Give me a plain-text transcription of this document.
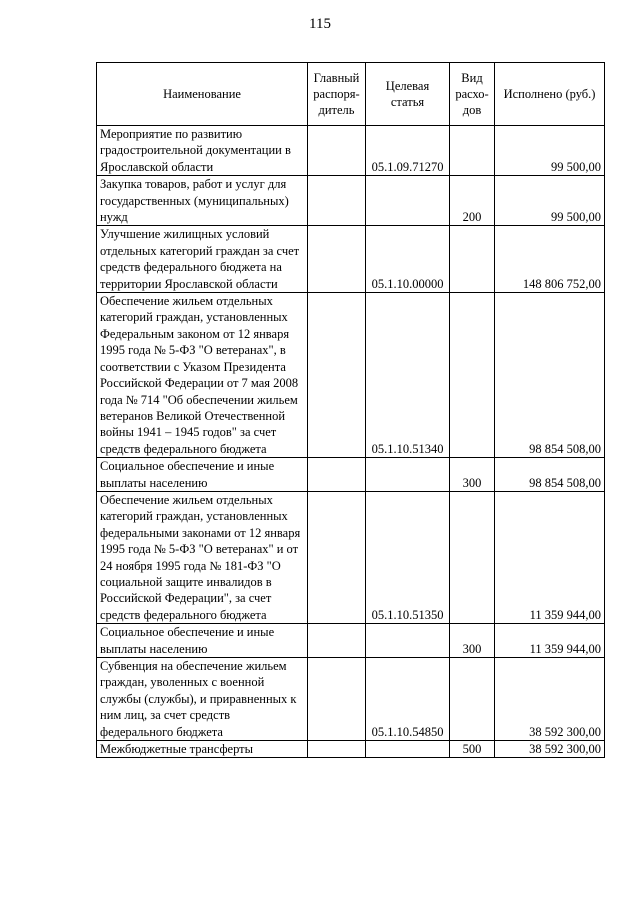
115
Наименование	Главный распоря-дитель	Целевая статья	Вид расхо-дов	Исполнено (руб.)
Мероприятие по развитию градостроительной документации в Ярославской области		05.1.09.71270		99 500,00
Закупка товаров, работ и услуг для государственных (муниципальных) нужд			200	99 500,00
Улучшение жилищных условий отдельных категорий граждан за счет средств федерального бюджета на территории Ярославской области		05.1.10.00000		148 806 752,00
Обеспечение жильем отдельных категорий граждан, установленных Федеральным законом от 12 января 1995 года № 5-ФЗ "О ветеранах", в соответствии с Указом Президента Российской Федерации от 7 мая 2008 года № 714 "Об обеспечении жильем ветеранов Великой Отечественной войны 1941 – 1945 годов" за счет средств федерального бюджета		05.1.10.51340		98 854 508,00
Социальное обеспечение и иные выплаты населению			300	98 854 508,00
Обеспечение жильем отдельных категорий граждан, установленных федеральными законами от 12 января 1995 года № 5-ФЗ "О ветеранах" и от 24 ноября 1995 года № 181-ФЗ "О социальной защите инвалидов в Российской Федерации", за счет средств федерального бюджета		05.1.10.51350		11 359 944,00
Социальное обеспечение и иные выплаты населению			300	11 359 944,00
Субвенция на обеспечение жильем граждан, уволенных с военной службы (службы), и приравненных к ним лиц, за счет средств федерального бюджета		05.1.10.54850		38 592 300,00
Межбюджетные трансферты			500	38 592 300,00
